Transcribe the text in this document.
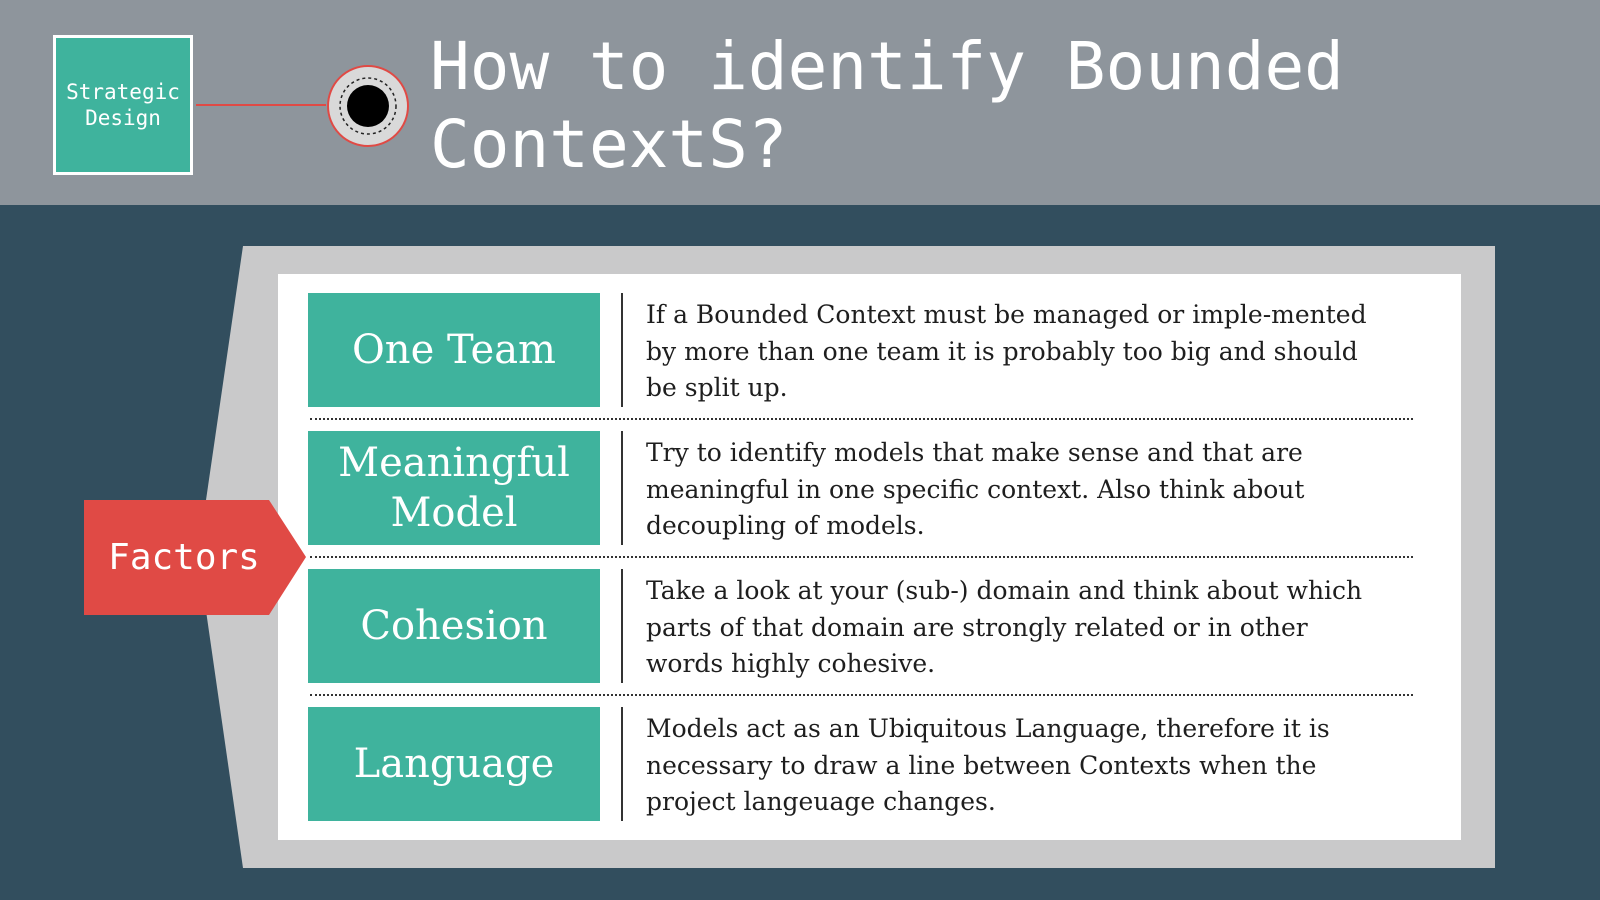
Strategic Design
How to identify Bounded ContextS?
One Team
If a Bounded Context must be managed or imple-mented by more than one team it is probably too big and should be split up.
Meaningful Model
Try to identify models that make sense and that are meaningful in one specific context. Also think about decoupling of models.
Cohesion
Take a look at your (sub-) domain and think about which parts of that domain are strongly related or in other words highly cohesive.
Language
Models act as an Ubiquitous Language, therefore it is necessary to draw a line between Contexts when the project langeuage changes.
Factors
